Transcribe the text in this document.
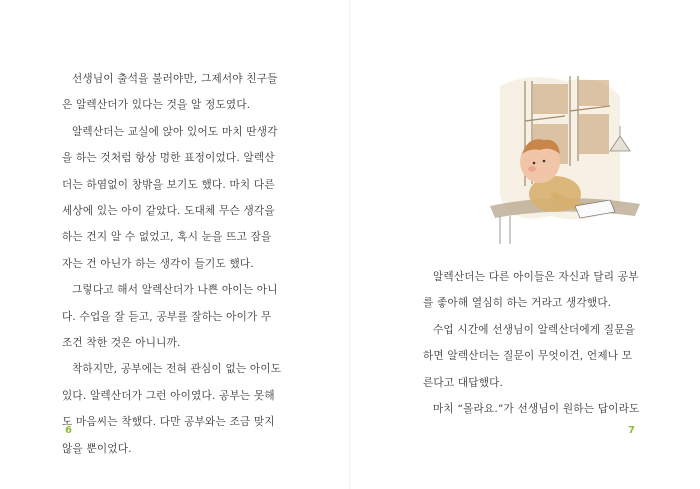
선생님이 출석을 불러야만, 그제서야 친구들

은 알렉산더가 있다는 것을 알 정도였다.

알렉산더는 교실에 앉아 있어도 마치 딴생각

을 하는 것처럼 항상 멍한 표정이었다. 알렉산

더는 하염없이 창밖을 보기도 했다. 마치 다른

세상에 있는 아이 같았다. 도대체 무슨 생각을

하는 건지 알 수 없었고, 혹시 눈을 뜨고 잠을

자는 건 아닌가 하는 생각이 들기도 했다.

그렇다고 해서 알렉산더가 나쁜 아이는 아니

다. 수업을 잘 듣고, 공부를 잘하는 아이가 무

조건 착한 것은 아니니까.

착하지만, 공부에는 전혀 관심이 없는 아이도

있다. 알렉산더가 그런 아이였다. 공부는 못해

도 마음씨는 착했다. 다만 공부와는 조금 맞지

않을 뿐이었다.

6

알렉산더는 다른 아이들은 자신과 달리 공부

를 좋아해 열심히 하는 거라고 생각했다.

수업 시간에 선생님이 알렉산더에게 질문을

하면 알렉산더는 질문이 무엇이건, 언제나 모

른다고 대답했다.

마치 “몰라요.”가 선생님이 원하는 답이라도

7
